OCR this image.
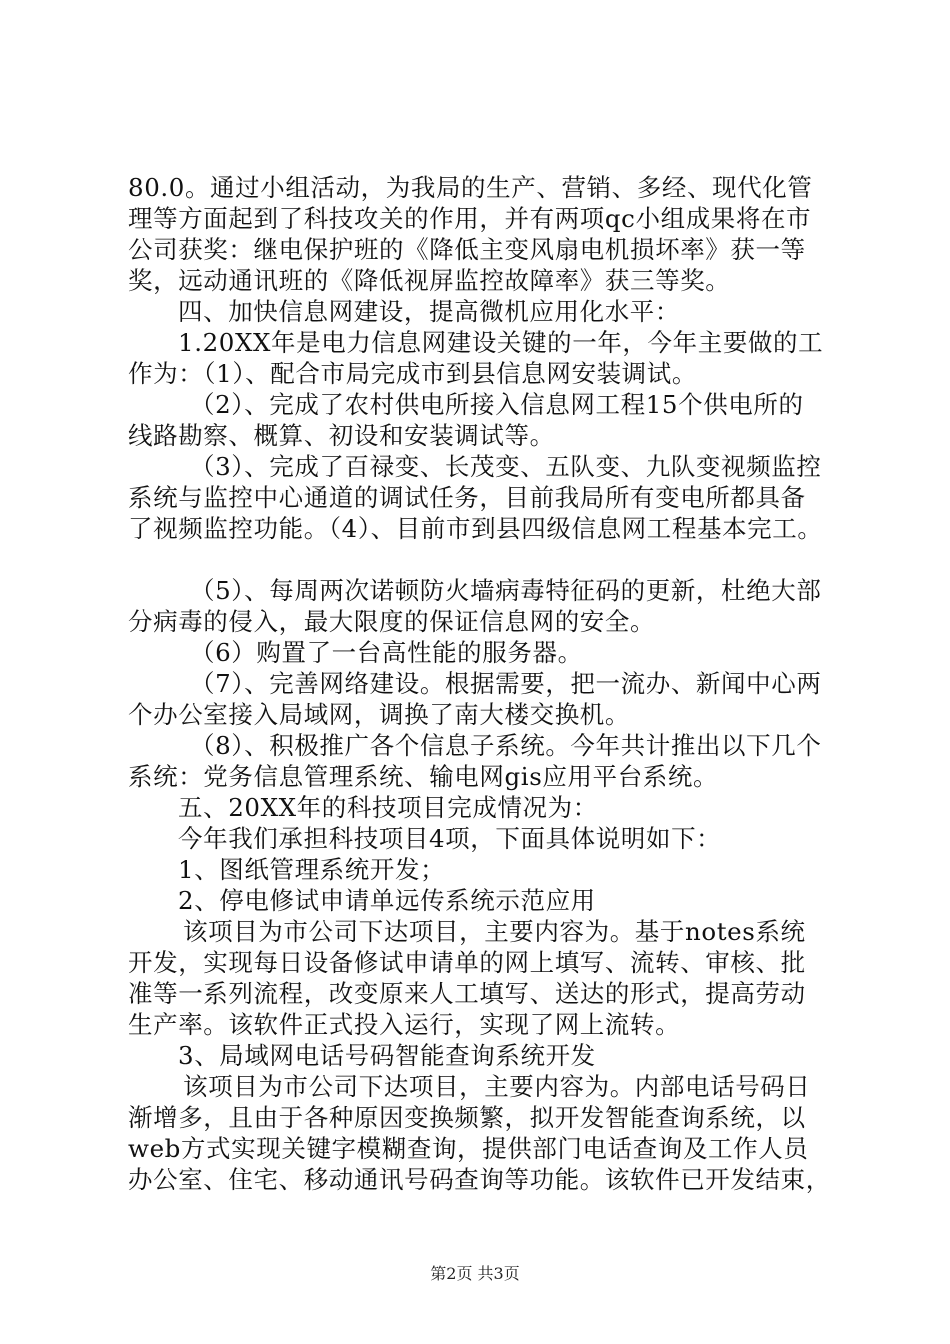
80.0。通过小组活动，为我局的生产、营销、多经、现代化管
理等方面起到了科技攻关的作用，并有两项qc小组成果将在市
公司获奖：继电保护班的《降低主变风扇电机损坏率》获一等
奖，远动通讯班的《降低视屏监控故障率》获三等奖。
四、加快信息网建设，提高微机应用化水平：
1.20XX年是电力信息网建设关键的一年，今年主要做的工
作为：（1）、配合市局完成市到县信息网安装调试。
（2）、完成了农村供电所接入信息网工程15个供电所的
线路勘察、概算、初设和安装调试等。
（3）、完成了百禄变、长茂变、五队变、九队变视频监控
系统与监控中心通道的调试任务，目前我局所有变电所都具备
了视频监控功能。（4）、目前市到县四级信息网工程基本完工。
（5）、每周两次诺顿防火墙病毒特征码的更新，杜绝大部
分病毒的侵入，最大限度的保证信息网的安全。
（6）购置了一台高性能的服务器。
（7）、完善网络建设。根据需要，把一流办、新闻中心两
个办公室接入局域网，调换了南大楼交换机。
（8）、积极推广各个信息子系统。今年共计推出以下几个
系统：党务信息管理系统、输电网gis应用平台系统。
五、20XX年的科技项目完成情况为：
今年我们承担科技项目4项，下面具体说明如下：
1、图纸管理系统开发；
2、停电修试申请单远传系统示范应用
该项目为市公司下达项目，主要内容为。基于notes系统
开发，实现每日设备修试申请单的网上填写、流转、审核、批
准等一系列流程，改变原来人工填写、送达的形式，提高劳动
生产率。该软件正式投入运行，实现了网上流转。
3、局域网电话号码智能查询系统开发
该项目为市公司下达项目，主要内容为。内部电话号码日
渐增多，且由于各种原因变换频繁，拟开发智能查询系统，以
web方式实现关键字模糊查询，提供部门电话查询及工作人员
办公室、住宅、移动通讯号码查询等功能。该软件已开发结束，
第2页 共3页
